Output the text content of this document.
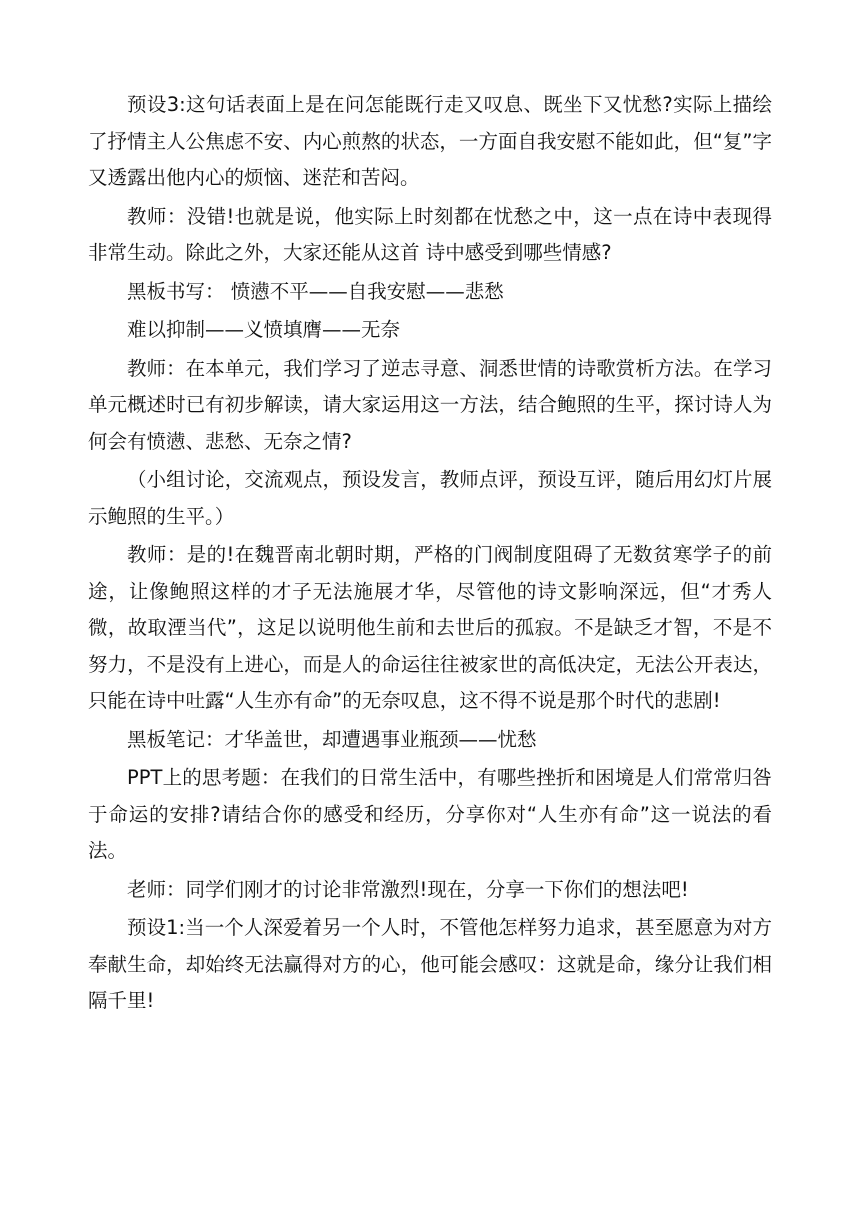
预设3:这句话表面上是在问怎能既行走又叹息、既坐下又忧愁?实际上描绘了抒情主人公焦虑不安、内心煎熬的状态，一方面自我安慰不能如此，但“复”字又透露出他内心的烦恼、迷茫和苦闷。

教师：没错!也就是说，他实际上时刻都在忧愁之中，这一点在诗中表现得非常生动。除此之外，大家还能从这首 诗中感受到哪些情感?

黑板书写： 愤懑不平——自我安慰——悲愁

难以抑制——义愤填膺——无奈

教师：在本单元，我们学习了逆志寻意、洞悉世情的诗歌赏析方法。在学习单元概述时已有初步解读，请大家运用这一方法，结合鲍照的生平，探讨诗人为何会有愤懑、悲愁、无奈之情?

（小组讨论，交流观点，预设发言，教师点评，预设互评，随后用幻灯片展示鲍照的生平。）

教师：是的!在魏晋南北朝时期，严格的门阀制度阻碍了无数贫寒学子的前途，让像鲍照这样的才子无法施展才华，尽管他的诗文影响深远，但“才秀人微，故取湮当代”，这足以说明他生前和去世后的孤寂。不是缺乏才智，不是不努力，不是没有上进心，而是人的命运往往被家世的高低决定，无法公开表达，只能在诗中吐露“人生亦有命”的无奈叹息，这不得不说是那个时代的悲剧!

黑板笔记：才华盖世，却遭遇事业瓶颈——忧愁

PPT上的思考题：在我们的日常生活中，有哪些挫折和困境是人们常常归咎于命运的安排?请结合你的感受和经历，分享你对“人生亦有命”这一说法的看法。

老师：同学们刚才的讨论非常激烈!现在，分享一下你们的想法吧!

预设1:当一个人深爱着另一个人时，不管他怎样努力追求，甚至愿意为对方奉献生命，却始终无法赢得对方的心，他可能会感叹：这就是命，缘分让我们相隔千里!
